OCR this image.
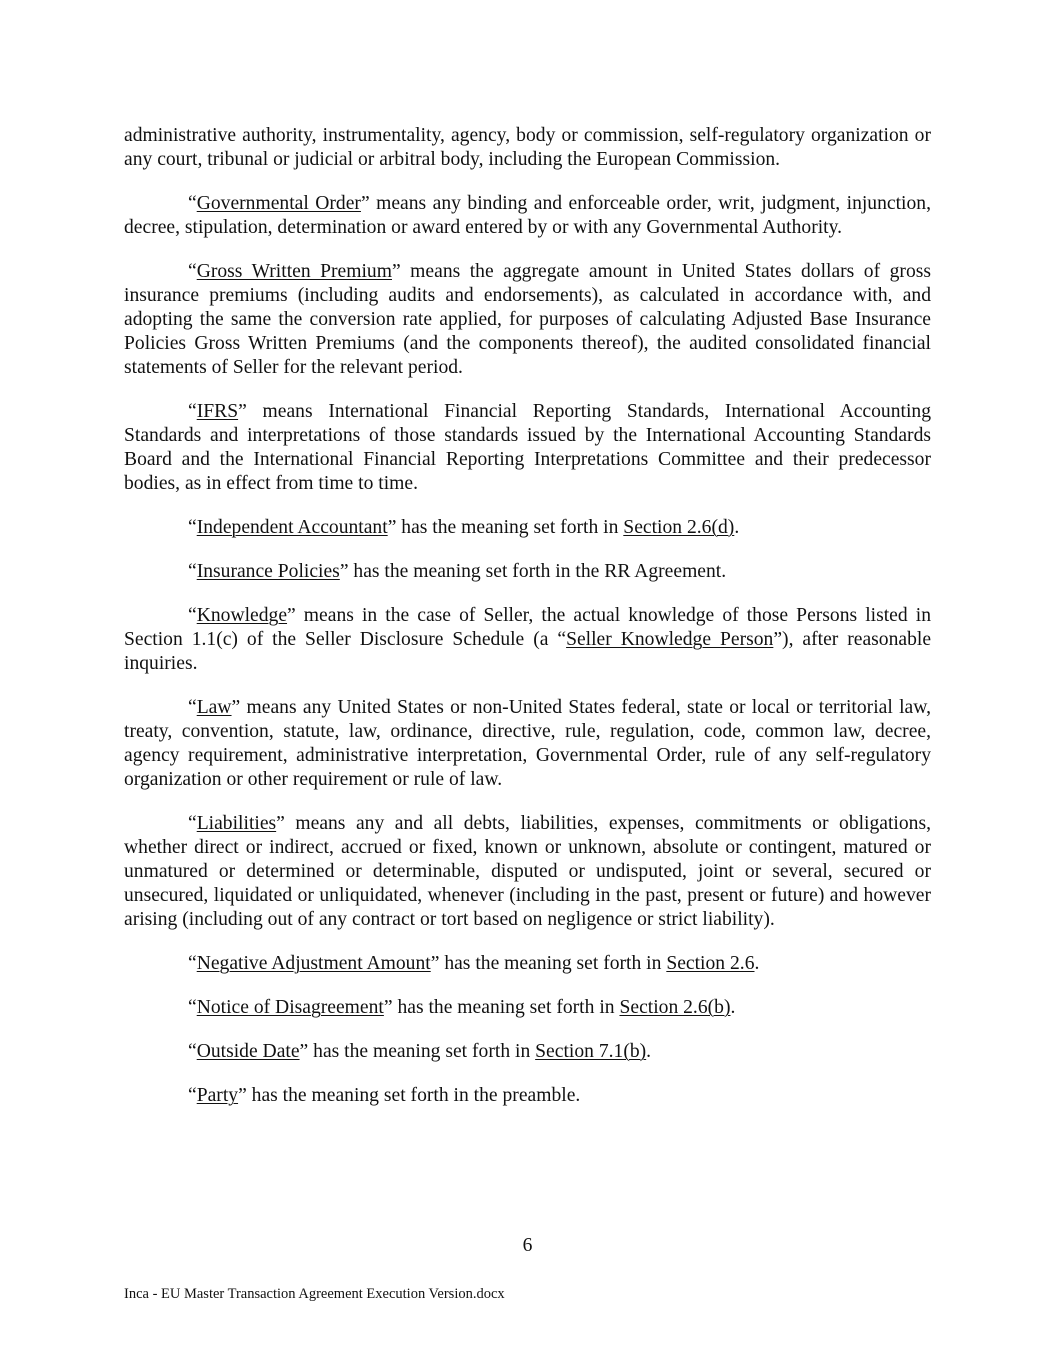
administrative authority, instrumentality, agency, body or commission, self-regulatory organization or any court, tribunal or judicial or arbitral body, including the European Commission.

“Governmental Order” means any binding and enforceable order, writ, judgment, injunction, decree, stipulation, determination or award entered by or with any Governmental Authority.

“Gross Written Premium” means the aggregate amount in United States dollars of gross insurance premiums (including audits and endorsements), as calculated in accordance with, and adopting the same the conversion rate applied, for purposes of calculating Adjusted Base Insurance Policies Gross Written Premiums (and the components thereof), the audited consolidated financial statements of Seller for the relevant period.

“IFRS” means International Financial Reporting Standards, International Accounting Standards and interpretations of those standards issued by the International Accounting Standards Board and the International Financial Reporting Interpretations Committee and their predecessor bodies, as in effect from time to time.

“Independent Accountant” has the meaning set forth in Section 2.6(d).

“Insurance Policies” has the meaning set forth in the RR Agreement.

“Knowledge” means in the case of Seller, the actual knowledge of those Persons listed in Section 1.1(c) of the Seller Disclosure Schedule (a “Seller Knowledge Person”), after reasonable inquiries.

“Law” means any United States or non-United States federal, state or local or territorial law, treaty, convention, statute, law, ordinance, directive, rule, regulation, code, common law, decree, agency requirement, administrative interpretation, Governmental Order, rule of any self-regulatory organization or other requirement or rule of law.

“Liabilities” means any and all debts, liabilities, expenses, commitments or obligations, whether direct or indirect, accrued or fixed, known or unknown, absolute or contingent, matured or unmatured or determined or determinable, disputed or undisputed, joint or several, secured or unsecured, liquidated or unliquidated, whenever (including in the past, present or future) and however arising (including out of any contract or tort based on negligence or strict liability).

“Negative Adjustment Amount” has the meaning set forth in Section 2.6.

“Notice of Disagreement” has the meaning set forth in Section 2.6(b).

“Outside Date” has the meaning set forth in Section 7.1(b).

“Party” has the meaning set forth in the preamble.

6
Inca - EU Master Transaction Agreement Execution Version.docx
